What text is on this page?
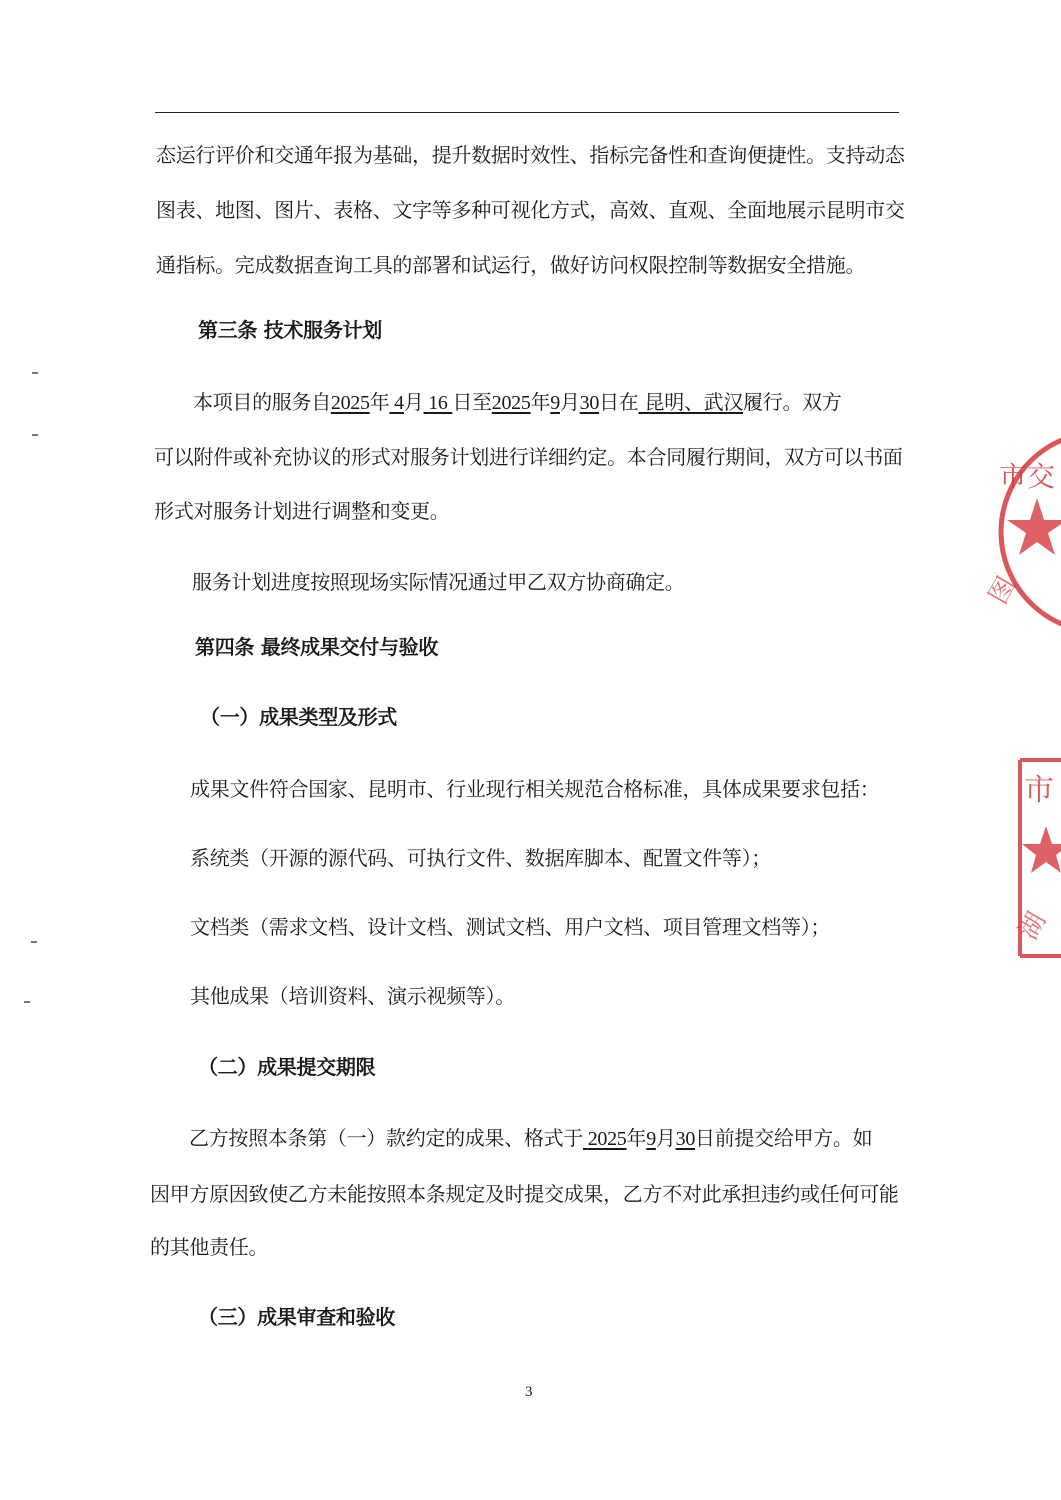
态运行评价和交通年报为基础，提升数据时效性、指标完备性和查询便捷性。支持动态
图表、地图、图片、表格、文字等多种可视化方式，高效、直观、全面地展示昆明市交
通指标。完成数据查询工具的部署和试运行，做好访问权限控制等数据安全措施。
第三条 技术服务计划
本项目的服务自2025年 4月 16 日至2025年9月30日在 昆明、武汉履行。双方
可以附件或补充协议的形式对服务计划进行详细约定。本合同履行期间，双方可以书面
形式对服务计划进行调整和变更。
服务计划进度按照现场实际情况通过甲乙双方协商确定。
第四条 最终成果交付与验收
（一）成果类型及形式
成果文件符合国家、昆明市、行业现行相关规范合格标准，具体成果要求包括：
系统类（开源的源代码、可执行文件、数据库脚本、配置文件等）；
文档类（需求文档、设计文档、测试文档、用户文档、项目管理文档等）；
其他成果（培训资料、演示视频等）。
（二）成果提交期限
乙方按照本条第（一）款约定的成果、格式于 2025年9月30日前提交给甲方。如
因甲方原因致使乙方未能按照本条规定及时提交成果，乙方不对此承担违约或任何可能
的其他责任。
（三）成果审查和验收
3
市交
图
市
湖
